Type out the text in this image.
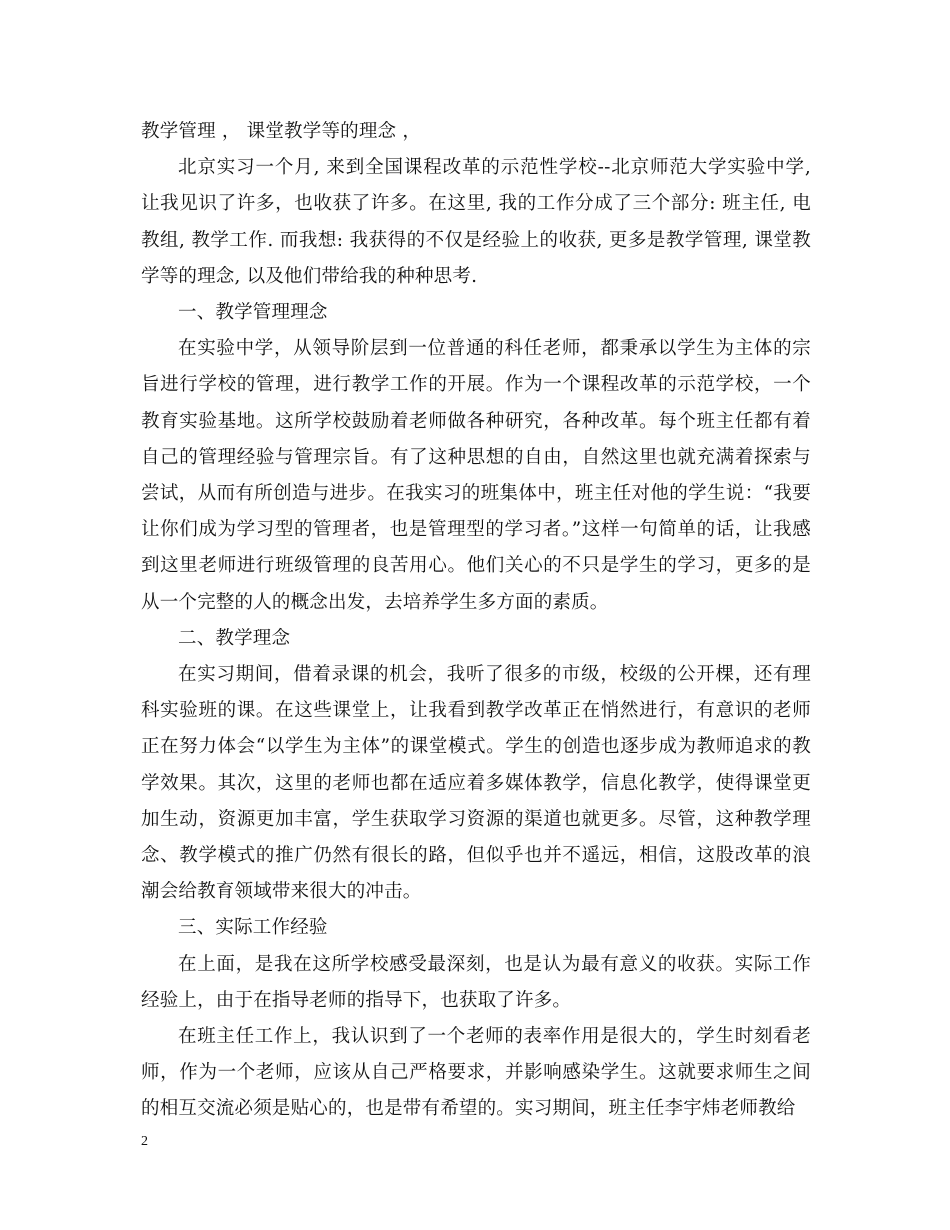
教学管理 ， 课堂教学等的理念 ，

北京实习一个月, 来到全国课程改革的示范性学校--北京师范大学实验中学, 让我见识了许多，也收获了许多。在这里, 我的工作分成了三个部分: 班主任, 电教组, 教学工作. 而我想: 我获得的不仅是经验上的收获, 更多是教学管理, 课堂教学等的理念, 以及他们带给我的种种思考.

一、教学管理理念

在实验中学，从领导阶层到一位普通的科任老师，都秉承以学生为主体的宗旨进行学校的管理，进行教学工作的开展。作为一个课程改革的示范学校，一个教育实验基地。这所学校鼓励着老师做各种研究，各种改革。每个班主任都有着自己的管理经验与管理宗旨。有了这种思想的自由，自然这里也就充满着探索与尝试，从而有所创造与进步。在我实习的班集体中，班主任对他的学生说：“我要让你们成为学习型的管理者，也是管理型的学习者。”这样一句简单的话，让我感到这里老师进行班级管理的良苦用心。他们关心的不只是学生的学习，更多的是从一个完整的人的概念出发，去培养学生多方面的素质。

二、教学理念

在实习期间，借着录课的机会，我听了很多的市级，校级的公开棵，还有理科实验班的课。在这些课堂上，让我看到教学改革正在悄然进行，有意识的老师正在努力体会“以学生为主体”的课堂模式。学生的创造也逐步成为教师追求的教学效果。其次，这里的老师也都在适应着多媒体教学，信息化教学，使得课堂更加生动，资源更加丰富，学生获取学习资源的渠道也就更多。尽管，这种教学理念、教学模式的推广仍然有很长的路，但似乎也并不遥远，相信，这股改革的浪潮会给教育领域带来很大的冲击。

三、实际工作经验

在上面，是我在这所学校感受最深刻，也是认为最有意义的收获。实际工作经验上，由于在指导老师的指导下，也获取了许多。

在班主任工作上，我认识到了一个老师的表率作用是很大的，学生时刻看老师，作为一个老师，应该从自己严格要求，并影响感染学生。这就要求师生之间的相互交流必须是贴心的，也是带有希望的。实习期间，班主任李宇炜老师教给

2
